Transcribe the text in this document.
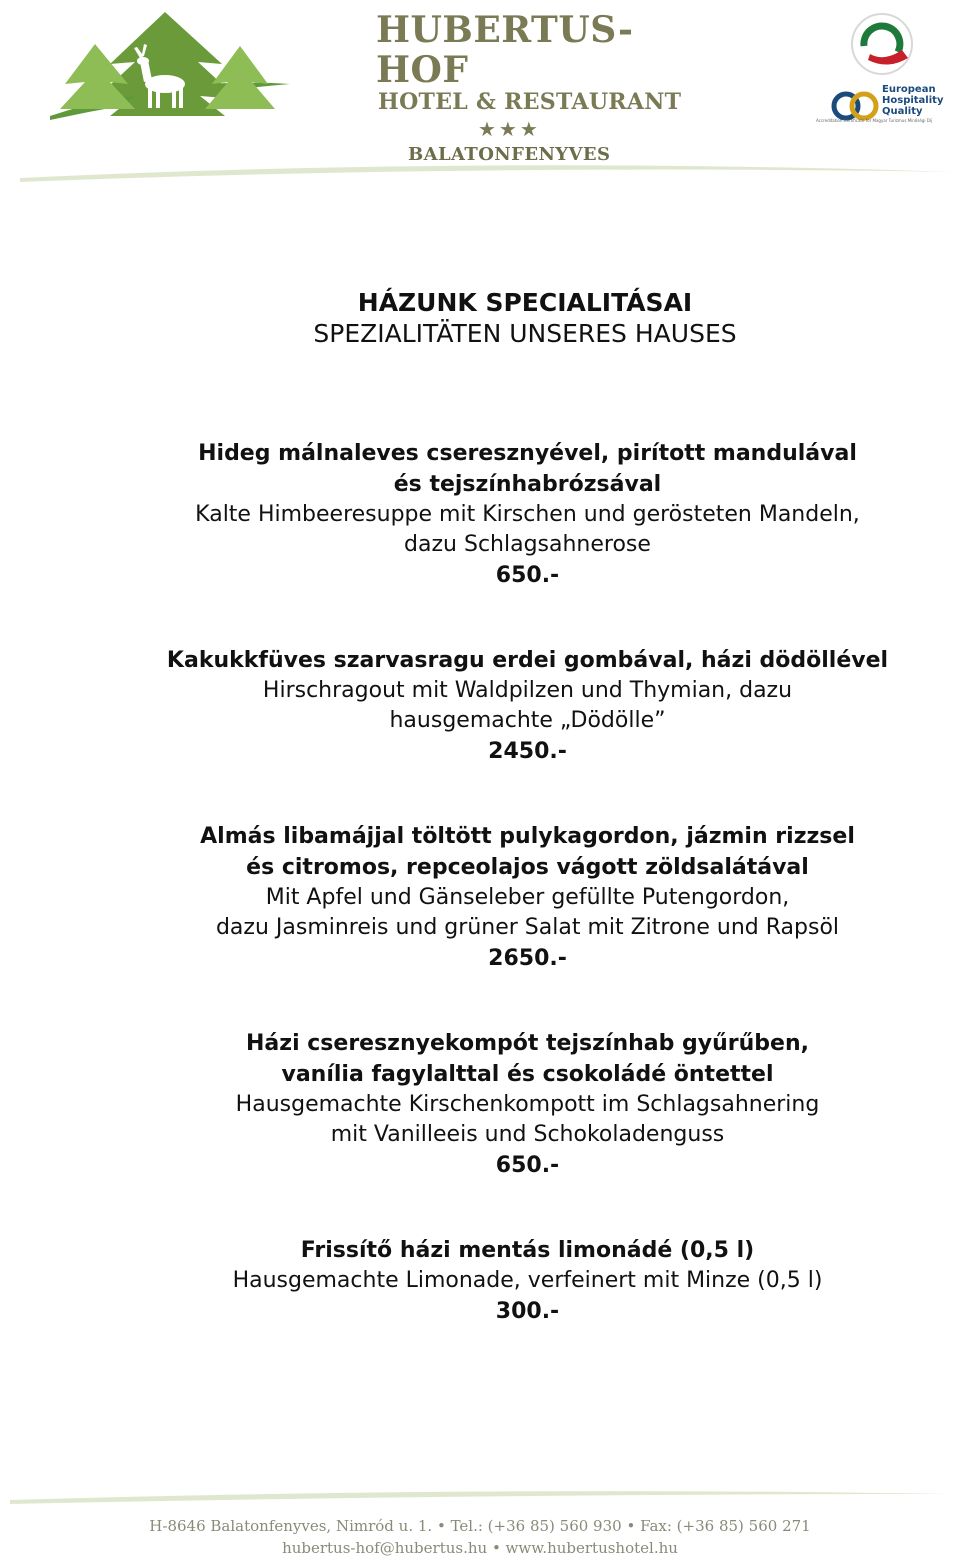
HUBERTUS-HOF
HOTEL & RESTAURANT
★★★
BALATONFENYVES
European
Hospitality Quality
Accreditation Certificate for Magyar Turizmus Minőségi Díj
HÁZUNK SPECIALITÁSAI
SPEZIALITÄTEN UNSERES HAUSES
Hideg málnaleves cseresznyével, pirított mandulával
és tejszínhabrózsával
Kalte Himbeeresuppe mit Kirschen und gerösteten Mandeln,
dazu Schlagsahnerose
650.-
Kakukkfüves szarvasragu erdei gombával, házi dödöllével
Hirschragout mit Waldpilzen und Thymian, dazu
hausgemachte „Dödölle”
2450.-
Almás libamájjal töltött pulykagordon, jázmin rizzsel
és citromos, repceolajos vágott zöldsalátával
Mit Apfel und Gänseleber gefüllte Putengordon,
dazu Jasminreis und grüner Salat mit Zitrone und Rapsöl
2650.-
Házi cseresznyekompót tejszínhab gyűrűben,
vanília fagylalttal és csokoládé öntettel
Hausgemachte Kirschenkompott im Schlagsahnering
mit Vanilleeis und Schokoladenguss
650.-
Frissítő házi mentás limonádé (0,5 l)
Hausgemachte Limonade, verfeinert mit Minze (0,5 l)
300.-
H-8646 Balatonfenyves, Nimród u. 1. • Tel.: (+36 85) 560 930 • Fax: (+36 85) 560 271
hubertus-hof@hubertus.hu • www.hubertushotel.hu
